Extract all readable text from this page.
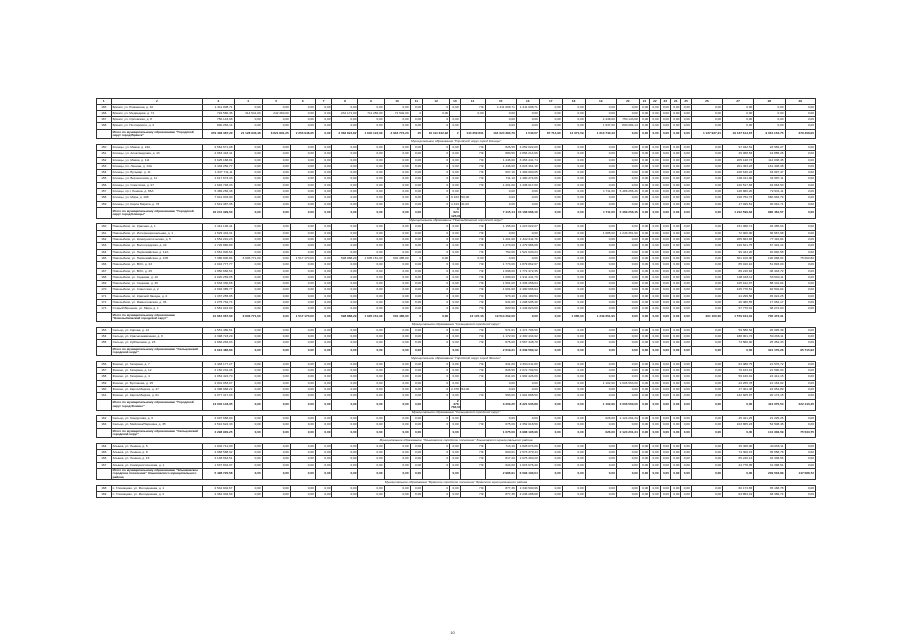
1	2	3	4	5	6	7	8	9	10	11	12	13	14	15	16	17	18	19	20	21	22	23	24	25	26	27	28	29
165	Брянск, ул. Ромашина, д. 32	1 311 008,71	0,00	0,00	0,00	0,00	0,00	0,00	0,00	0,00	0	0,00	ПК	1 311 008,71	1 311 008,71	0,00	0,00	0,00	0,00	0,00	0,00	0,00	0,00	0,00	0,00	0,00	0,00	0,00
166	Брянск, ул. Медведева, д. 71	794 580,36	314 541,00	242 460,00	0,00	0,00	231 171,00	711 250,00	71 542,00	0	0,00		0,00	0,00	0,00	0,00	0,00	0,00	0,00	0,00	0,00	0,00	0,00	0,00	0,00	0,00	0,00	0,00
167	Брянск, ул. Орловская, д. 8	750 143,68	0,00	0,00	0,00	0,00	0,00	0,00	0,00	0,00	0	0,00		0,00	0,00	0,00	0,00	4 448,00	750 143,68	0,00	0,00	0,00	0,00	0,00	0,00	0,00	0,00	0,00
168	Брянск, ул. Почтарского, д. 3	800 284,14	0,00	0,00	0,00	0,00	0,00	0,00	0,00	0,00	0	0,00		0,00	0,00	0,00	0,00	1 537,00	800 284,14	0,00	0,00	0,00	0,00	0,00	0,00	0,00	0,00	0,00
	Итого по муниципальному образованию "Городской округ город Брянск"	379 408 387,20	21 128 943,48	6 821 891,25	2 253 948,35	0,00	3 063 824,82	1 640 122,60	2 918 774,23	25	10 111 642,92	#	144 359 831	161 024 383,76	1 540,57	87 714,90	14 371,59	1 613 743,43	0,00	0,00	0,00	0,00	0,00	0,00	1 137 937,21	19 137 614,67	9 061 152,75	379 408,00
Муниципальное образование "Городской округ город Клинцы"																												
150	Клинцы, ул. Маяка, д. 24А	2 564 671,08	0,00	0,00	0,00	0,00	0,00	0,00	0,00	0,00	0	0,00	ПК	826,56	2 252 022,00	0,00	0,00	0,00	0,00	0,00	0,00	0,00	0,00	0,00	0,00	97 042,51	22 582,27	0,00
151	Клинцы, ул. Александрова, д. 43	2 963 418,41	0,00	0,00	0,00	0,00	0,00	0,00	0,00	0,00	0	0,00	ПК	880,56	2 866 214,66	0,00	0,00	0,00	0,00	0,00	0,00	0,00	0,00	0,00	0,00	49 068,53	44 885,26	0,00
152	Клинцы, ул. Маяка, д. 111	3 625 188,81	0,00	0,00	0,00	0,00	0,00	0,00	0,00	0,00	0	0,00	ПК	1 446,60	3 453 441,74	0,00	0,00	0,00	0,00	0,00	0,00	0,00	0,00	0,00	0,00	205 128,73	112 038,45	0,00
153	Клинцы, пл. Ленина, д. 13А	3 433 250,77	0,00	0,00	0,00	0,00	0,00	0,00	0,00	0,00	0	0,00	ПК	1 446,60	3 023 461,18	0,00	0,00	0,00	0,00	0,00	0,00	0,00	0,00	0,00	0,00	201 453,23	161 408,38	0,00
154	Клинцы, ул. Бульвар, д. 11	1 627 711,11	0,00	0,00	0,00	0,00	0,00	0,00	0,00	0,00	0	0,00	ПК	667,10	1 469 000,05	0,00	0,00	0,00	0,00	0,00	0,00	0,00	0,00	0,00	0,00	108 618,22	34 697,47	0,00
155	Клинцы, ул. Ворошилова, д. 11	1 617 673,33	0,00	0,00	0,00	0,00	0,00	0,00	0,00	0,00	0	0,00	ПК	711,10	1 480 274,06	0,00	0,00	0,00	0,00	0,00	0,00	0,00	0,00	0,00	0,00	106 011,00	31 587,11	0,00
156	Клинцы, ул. Советская, д. 27	1 646 748,33	0,00	0,00	0,00	0,00	0,00	0,00	0,00	0,00	0	0,00	ПК	1 201,00	1 438 017,00	0,00	0,00	0,00	0,00	0,00	0,00	0,00	0,00	0,00	0,00	120 517,83	94 663,50	0,00
157	Клинцы, пр-т Ленина, д. 65А	5 489 256,46	0,00	0,00	0,00	0,00	0,00	0,00	0,00	0,00	0	0,00		0,00	0,00	0,00	0,00	1 711,00	5 489 256,46	0,00	0,00	0,00	0,00	0,00	0,00	148 860,20	72 931,11	0,00
158	Клинцы, ул. Мира, д. 108	7 941 003,90	0,00	0,00	0,00	0,00	0,00	0,00	0,00	0,00	0	6 163 700,00		0,00	0,00	0,00	0,00	0,00	0,00	0,00	0,00	0,00	0,00	0,00	0,00	218 752,73	660 946,79	0,00
159	Клинцы, ул. Карла Маркса, д. 76	1 541 387,35	0,00	0,00	0,00	0,00	0,00	0,00	0,00	0,00	0	1 413 411,00		0,00	0,00	0,00	0,00	0,00	0,00	0,00	0,00	0,00	0,00	0,00	0,00	17 029,51	30 910,71	0,00
	Итого по муниципальному образованию "Городской округ город Клинцы"	32 241 399,50	0,00	0,00	0,00	0,00	0,00	0,00	0,00	0,00		4 624 125,00		7 415,14	15 168 686,16	0,00	0,00	1 711,00	5 489 256,46	0,00	0,00	0,00	0,00	0,00	0,00	1 242 599,62	980 481,57	0,00
Муниципальное образование "Новозыбковский городской округ"																												
160	Новозыбков, пл. Красная, д. 1	1 412 136,41	0,00	0,00	0,00	0,00	0,00	0,00	0,00	0,00	0	0,00	ПК	1 165,00	1 215 622,07	0,00	0,00	0,00	0,00	0,00	0,00	0,00	0,00	0,00	0,00	151 068,71	46 385,63	0,00
161	Новозыбков, ул. Интернациональная, д. 1	1 529 434,31	0,00	0,00	0,00	0,00	0,00	0,00	0,00	0,00	0	0,00	ПК	0,00	0,00	0,00	0,00	1 085,00	1 249 351,90	0,00	0,00	0,00	0,00	0,00	0,00	72 000,00	36 667,98	0,00
162	Новозыбков, ул. Коммунистическая, д. 5	1 554 210,23	0,00	0,00	0,00	0,00	0,00	0,00	0,00	0,00	0	0,00	ПК	1 301,60	1 322 611,76	0,00	0,00	0,00	0,00	0,00	0,00	0,00	0,00	0,00	0,00	205 663,83	77 116,84	0,00
163	Новозыбков, ул. Волгоградская, д. 24	1 726 880,89	0,00	0,00	0,00	0,00	0,00	0,00	0,00	0,00	0	0,00	ПК	1 273,00	1 479 986,68	0,00	0,00	0,00	0,00	0,00	0,00	0,00	0,00	0,00	0,00	129 621,75	67 424,14	0,00
164	Новозыбков, ул. Первомайская, д. 12А	1 651 000,54	0,00	0,00	0,00	0,00	0,00	0,00	0,00	0,00	0	0,00	ПК	752,00	1 521 633,24	0,00	0,00	0,00	0,00	0,00	0,00	0,00	0,00	0,00	0,00	99 444,20	40 840,58	0,00
165	Новозыбков, ул. Первомайская, д. 105	7 380 900,84	6 606 771,00	0,00	1 517 170,00	0,00	598 888,29	1 605 151,00	501 485,00	0	0,00		0,00	0,00	0,00	0,00	0,00	0,00	0,00	0,00	0,00	0,00	0,00	0,00	0,00	301 100,00	100 068,04	75 660,80
166	Новозыбков, ул. ВОС, д. 23	2 016 777,77	0,00	0,00	0,00	0,00	0,00	0,00	0,00	0,00	0	0,00	ПК	1 773,00	1 879 862,67	0,00	0,00	0,00	0,00	0,00	0,00	0,00	0,00	0,00	0,00	85 010,10	51 893,00	0,00
167	Новозыбков, ул. ВОС, д. 25	1 950 660,54	0,00	0,00	0,00	0,00	0,00	0,00	0,00	0,00	0	0,00	ПК	1 698,00	1 772 472,35	0,00	0,00	0,00	0,00	0,00	0,00	0,00	0,00	0,00	0,00	89 216,83	38 403,72	0,00
168	Новозыбков, ул. Садовая, д. 10	2 020 259,05	0,00	0,00	0,00	0,00	0,00	0,00	0,00	0,00	0	0,00	ПК	1 089,00	1 911 441,79	0,00	0,00	0,00	0,00	0,00	0,00	0,00	0,00	0,00	0,00	108 018,11	53 560,11	0,00
169	Новозыбков, ул. Садовая, д. 30	2 533 330,65	0,00	0,00	0,00	0,00	0,00	0,00	0,00	0,00	0	0,00	ПК	1 561,00	2 335 258,04	0,00	0,00	0,00	0,00	0,00	0,00	0,00	0,00	0,00	0,00	125 102,97	88 101,04	0,00
170	Новозыбков, ул. Советская, д. 2	2 692 385,77	0,00	0,00	0,00	0,00	0,00	0,00	0,00	0,00	0	0,00	ПК	1 001,00	2 490 666,94	0,00	0,00	0,00	0,00	0,00	0,00	0,00	0,00	0,00	0,00	125 770,51	40 504,04	0,00
171	Новозыбков, пл. Красной Звезды, д. 2	1 337 255,95	0,00	0,00	0,00	0,00	0,00	0,00	0,00	0,00	0	0,00	ПК	973,40	1 201 180,54	0,00	0,00	0,00	0,00	0,00	0,00	0,00	0,00	0,00	0,00	24 299,56	45 024,25	0,00
172	Новозыбков, ул. Мамонтовская, д. 35	1 275 762,74	0,00	0,00	0,00	0,00	0,00	0,00	0,00	0,00	0	0,00	ПК	631,00	1 208 905,40	0,00	0,00	0,00	0,00	0,00	0,00	0,00	0,00	0,00	0,00	26 480,55	17 054,17	0,00
173	Старый Вишенки, ул. Мира, д. 1	1 581 024,00	0,00	0,00	0,00	0,00	0,00	0,00	0,00	0,00	0	0,00	ПК	820,50	1 449 823,00	0,00	0,00	0,00	0,00	0,00	0,00	0,00	0,00	0,00	0,00	97 776,91	38 274,00	0,00
	Итого по муниципальному образованию "Новозыбковский городской округ"	31 661 067,00	6 606 771,00	0,00	1 517 170,00	0,00	598 888,29	1 605 151,00	501 485,00	0	0,00		13 107,46	19 514 202,06	0,00	0,00	1 085,00	1 249 351,90	0,00	0,00	0,00	0,00	0,00	0,00	301 100,00	1 579 044,01	700 473,31	
Муниципальное образование "Сельцовский городской округ"																												
153	Сельцо, ул. Кирова, д. 13	1 551 480,51	0,00	0,00	0,00	0,00	0,00	0,00	0,00	0,00	0	0,00	ПК	571,61	1 471 796,50	0,00	0,00	0,00	0,00	0,00	0,00	0,00	0,00	0,00	0,00	59 588,52	20 095,49	0,00
154	Сельцо, ул. Краснознамённая, д. 8	2 398 723,29	0,00	0,00	0,00	0,00	0,00	0,00	0,00	0,00	0	0,00	ПК	1 172,60	2 300 434,92	0,00	0,00	0,00	0,00	0,00	0,00	0,00	0,00	0,00	0,00	188 001,74	50 266,11	0,00
155	Сельцо, ул. Куйбышева, д. 23	2 666 283,03	0,00	0,00	0,00	0,00	0,00	0,00	0,00	0,00	0	0,00	ПК	875,00	2 567 348,70	0,00	0,00	0,00	0,00	0,00	0,00	0,00	0,00	0,00	0,00	73 580,00	25 354,33	0,00
	Итого по муниципальному образованию "Сельцовский городской округ"	6 616 486,83	0,00	0,00	0,00	0,00	0,00	0,00	0,00	0,00		0,00		2 619,21	6 339 580,12	0,00	0,00	0,00	0,00	0,00	0,00	0,00	0,00	0,00	0,00	0,00	321 170,26	95 715,93
Муниципальное образование "Городской округ город Фокино"																												
156	Фокино, ул. Гагарина, д. 7	2 448 177,27	0,00	0,00	0,00	0,00	0,00	0,00	0,00	0,00	0	0,00	ПК	941,00	2 364 011,80	0,00	0,00	0,00	0,00	0,00	0,00	0,00	0,00	0,00	0,00	63 088,75	21 576,72	0,00
157	Фокино, ул. Гагарина, д. 12	2 160 234,06	0,00	0,00	0,00	0,00	0,00	0,00	0,00	0,00	0	0,00	ПК	826,50	2 072 709,50	0,00	0,00	0,00	0,00	0,00	0,00	0,00	0,00	0,00	0,00	79 163,01	21 590,03	0,00
158	Фокино, ул. Гагарина, д. 4	2 054 424,70	0,00	0,00	0,00	0,00	0,00	0,00	0,00	0,00	0	0,00	ПК	841,00	1 982 426,09	0,00	0,00	0,00	0,00	0,00	0,00	0,00	0,00	0,00	0,00	59 160,91	24 441,15	0,00
159	Фокино, ул. Булгакова, д. 25	2 001 053,07	0,00	0,00	0,00	0,00	0,00	0,00	0,00	0,00	0	0,00		0,00	0,00	0,00	0,00	1 102,90	2 006 563,00	0,00	0,00	0,00	0,00	0,00	0,00	43 255,78	21 154,02	0,00
160	Фокино, ул. Карла Маркса, д. 47	2 398 968,22	0,00	0,00	0,00	0,00	0,00	0,00	0,00	0,00	0	2 378 784,00		0,00	0,00	0,00	0,00	0,00	0,00	0,00	0,00	0,00	0,00	0,00	0,00	17 301,48	22 054,89	0,00
161	Фокино, ул. Карла Маркса, д. 61	2 077 317,03	0,00	0,00	0,00	0,00	0,00	0,00	0,00	0,00	0	0,00	ПК	593,00	1 901 888,50	0,00	0,00	0,00	0,00	0,00	0,00	0,00	0,00	0,00	0,00	132 605,87	20 173,15	0,00
	Итого по муниципальному образованию "Городской округ город Фокино"	13 040 143,35	0,00	0,00	0,00	0,00	0,00	0,00	0,00	0,00		2 378 784,00		3 203,25	8 321 035,89	0,00	0,00	1 102,90	2 006 563,00	0,00	0,00	0,00	0,00	0,00	0,00	0,00	412 070,54	222 140,45
Муниципальное образование "Сельцовский городской округ"																												
162	Сельцо, ул. Свердлова, д. 3	2 097 668,00	0,00	0,00	0,00	0,00	0,00	0,00	0,00	0,00	0	0,00		0,00	0,00	0,00	0,00	626,00	2 124 201,34	0,00	0,00	0,00	0,00	0,00	0,00	45 421,25	21 225,25	0,00
163	Сельцо, ул. Мейсина/Паршина, д. 35	2 510 622,33	0,00	0,00	0,00	0,00	0,00	0,00	0,00	0,00	0	0,00	ПК	675,00	2 352 018,59	0,00	0,00	0,00	0,00	0,00	0,00	0,00	0,00	0,00	0,00	103 865,23	54 508,45	0,00
	Итого по муниципальному образованию "Сельцовский городской округ"	4 298 900,25	0,00	0,00	0,00	0,00	0,00	0,00	0,00	0,00		0,00		1 675,00	3 988 195,96	0,00	0,00	626,00	2 124 201,34	0,00	0,00	0,00	0,00	0,00	0,00	0,00	141 336,59	75 533,75
Муниципальное образование "Злынковское городское поселение" Злынковского муниципального района																												
164	Злынка, ул. Ленина, д. 5	1 902 714,00	0,00	0,00	0,00	0,00	0,00	0,00	0,00	0,00	0	0,00	ПК	713,10	1 828 674,00	0,00	0,00	0,00	0,00	0,00	0,00	0,00	0,00	0,00	0,00	45 408,00	40 066,11	0,00
165	Злынка, ул. Ленина, д. 8	2 068 588,92	0,00	0,00	0,00	0,00	0,00	0,00	0,00	0,00	0	0,00	ПК	800,61	1 573 379,44	0,00	0,00	0,00	0,00	0,00	0,00	0,00	0,00	0,00	0,00	74 300,15	35 558,78	0,00
166	Злынка, ул. Ленина, д. 15	2 148 663,51	0,00	0,00	0,00	0,00	0,00	0,00	0,00	0,00	0	0,00	ПК	817,20	2 076 460,20	0,00	0,00	0,00	0,00	0,00	0,00	0,00	0,00	0,00	0,00	65 240,13	32 338,66	0,00
167	Злынка, ул. Коммунистическая, д. 1	1 637 834,07	0,00	0,00	0,00	0,00	0,00	0,00	0,00	0,00	0	0,00	ПК	624,00	1 615 676,40	0,00	0,00	0,00	0,00	0,00	0,00	0,00	0,00	0,00	0,00	24 778,95	31 398,51	0,00
	Итого по муниципальному образованию "Злынковское городское поселение" Злынковского муниципального района	5 498 720,58	0,00	0,00	0,00	0,00	0,00	0,00	0,00	0,00		0,00		2 986,91	6 093 190,04	0,00	0,00	0,00	0,00	0,00	0,00	0,00	0,00	0,00	0,00	0,00	209 503,89	147 088,72
Муниципальное образование "Брянское городское поселение" Брянского муниципального района																												
168	п. Глинищево, ул. Молодежная, д. 1	2 542 902,67	0,00	0,00	0,00	0,00	0,00	0,00	0,00	0,00	0	0,00	ПК	877,36	2 340 500,96	0,00	0,00	0,00	0,00	0,00	0,00	0,00	0,00	0,00	0,00	60 173,65	35 168,78	0,00
169	п. Глинищево, ул. Молодежная, д. 2	2 362 302,59	0,00	0,00	0,00	0,00	0,00	0,00	0,00	0,00	0	0,00	ПК	877,36	2 236 288,68	0,00	0,00	0,00	0,00	0,00	0,00	0,00	0,00	0,00	0,00	63 853,19	48 386,74	0,00
10
